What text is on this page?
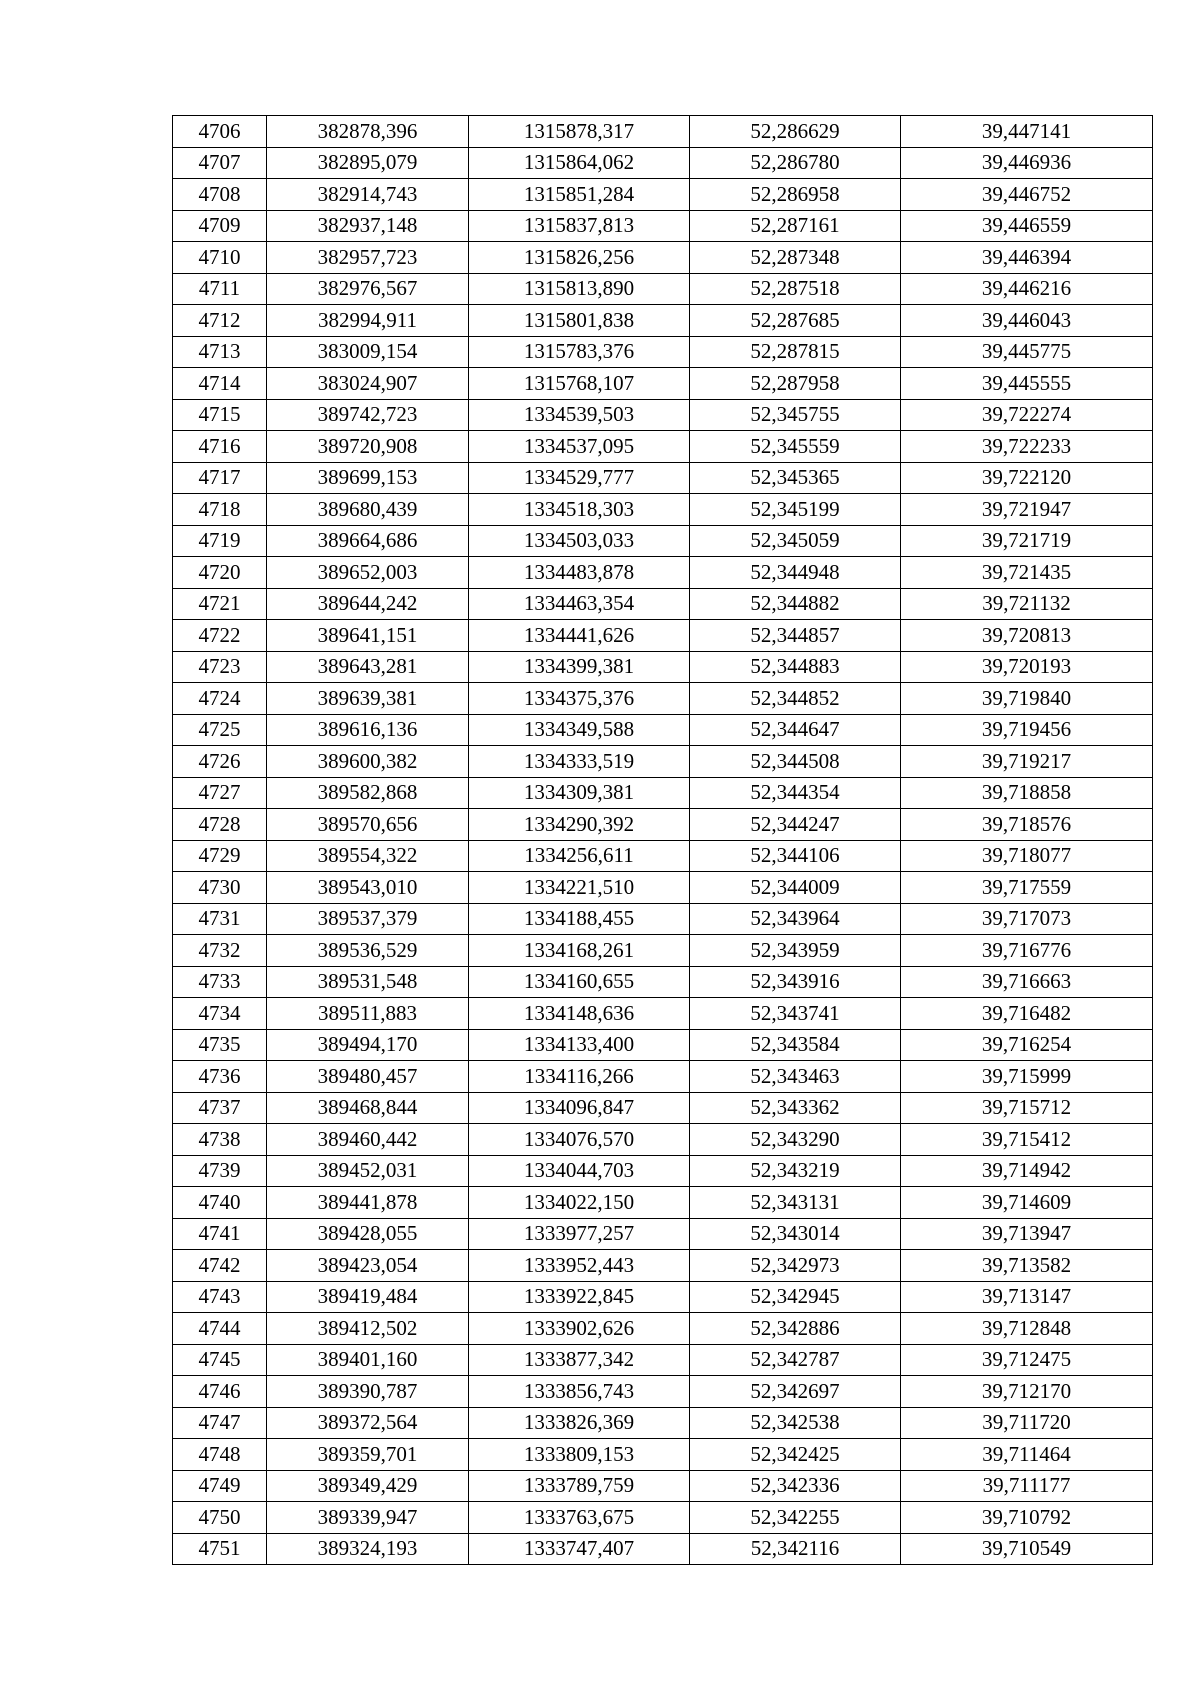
4706	382878,396	1315878,317	52,286629	39,447141
4707	382895,079	1315864,062	52,286780	39,446936
4708	382914,743	1315851,284	52,286958	39,446752
4709	382937,148	1315837,813	52,287161	39,446559
4710	382957,723	1315826,256	52,287348	39,446394
4711	382976,567	1315813,890	52,287518	39,446216
4712	382994,911	1315801,838	52,287685	39,446043
4713	383009,154	1315783,376	52,287815	39,445775
4714	383024,907	1315768,107	52,287958	39,445555
4715	389742,723	1334539,503	52,345755	39,722274
4716	389720,908	1334537,095	52,345559	39,722233
4717	389699,153	1334529,777	52,345365	39,722120
4718	389680,439	1334518,303	52,345199	39,721947
4719	389664,686	1334503,033	52,345059	39,721719
4720	389652,003	1334483,878	52,344948	39,721435
4721	389644,242	1334463,354	52,344882	39,721132
4722	389641,151	1334441,626	52,344857	39,720813
4723	389643,281	1334399,381	52,344883	39,720193
4724	389639,381	1334375,376	52,344852	39,719840
4725	389616,136	1334349,588	52,344647	39,719456
4726	389600,382	1334333,519	52,344508	39,719217
4727	389582,868	1334309,381	52,344354	39,718858
4728	389570,656	1334290,392	52,344247	39,718576
4729	389554,322	1334256,611	52,344106	39,718077
4730	389543,010	1334221,510	52,344009	39,717559
4731	389537,379	1334188,455	52,343964	39,717073
4732	389536,529	1334168,261	52,343959	39,716776
4733	389531,548	1334160,655	52,343916	39,716663
4734	389511,883	1334148,636	52,343741	39,716482
4735	389494,170	1334133,400	52,343584	39,716254
4736	389480,457	1334116,266	52,343463	39,715999
4737	389468,844	1334096,847	52,343362	39,715712
4738	389460,442	1334076,570	52,343290	39,715412
4739	389452,031	1334044,703	52,343219	39,714942
4740	389441,878	1334022,150	52,343131	39,714609
4741	389428,055	1333977,257	52,343014	39,713947
4742	389423,054	1333952,443	52,342973	39,713582
4743	389419,484	1333922,845	52,342945	39,713147
4744	389412,502	1333902,626	52,342886	39,712848
4745	389401,160	1333877,342	52,342787	39,712475
4746	389390,787	1333856,743	52,342697	39,712170
4747	389372,564	1333826,369	52,342538	39,711720
4748	389359,701	1333809,153	52,342425	39,711464
4749	389349,429	1333789,759	52,342336	39,711177
4750	389339,947	1333763,675	52,342255	39,710792
4751	389324,193	1333747,407	52,342116	39,710549
